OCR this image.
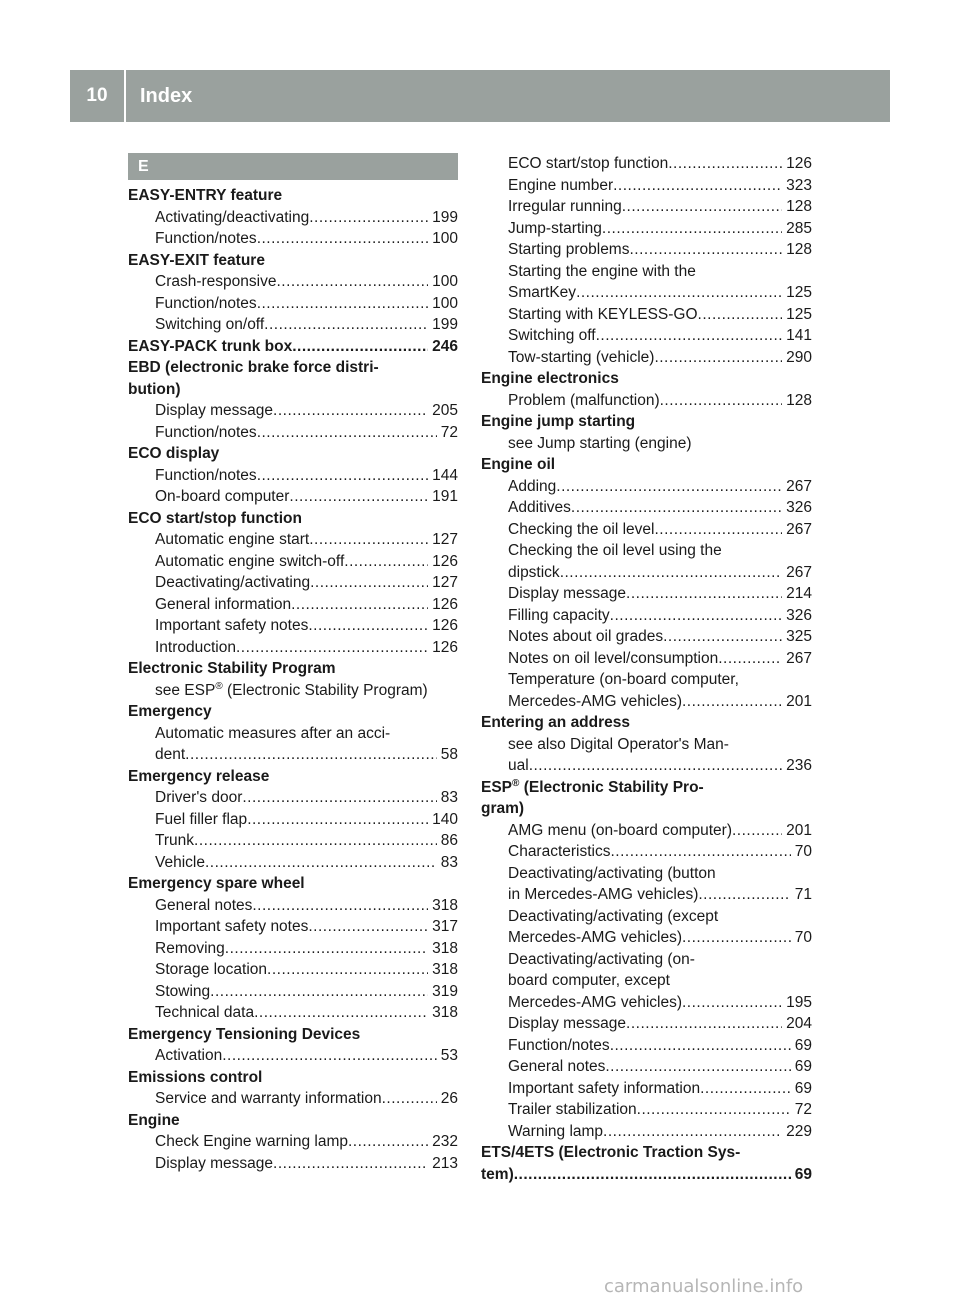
10	Index
E
EASY-ENTRY feature
Activating/deactivating .....	199
Function/notes .....	100
EASY-EXIT feature
Crash-responsive .....	100
Function/notes .....	100
Switching on/off .....	199
EASY-PACK trunk box .....	246
EBD (electronic brake force distri-
bution)
Display message .....	205
Function/notes .....	72
ECO display
Function/notes .....	144
On-board computer .....	191
ECO start/stop function
Automatic engine start .....	127
Automatic engine switch-off .....	126
Deactivating/activating .....	127
General information .....	126
Important safety notes .....	126
Introduction .....	126
Electronic Stability Program
see ESP® (Electronic Stability Program)
Emergency
Automatic measures after an acci-
dent .....	58
Emergency release
Driver's door .....	83
Fuel filler flap .....	140
Trunk .....	86
Vehicle .....	83
Emergency spare wheel
General notes .....	318
Important safety notes .....	317
Removing .....	318
Storage location .....	318
Stowing .....	319
Technical data .....	318
Emergency Tensioning Devices
Activation .....	53
Emissions control
Service and warranty information .....	26
Engine
Check Engine warning lamp .....	232
Display message .....	213
ECO start/stop function .....	126
Engine number .....	323
Irregular running .....	128
Jump-starting .....	285
Starting problems .....	128
Starting the engine with the
SmartKey .....	125
Starting with KEYLESS-GO .....	125
Switching off .....	141
Tow-starting (vehicle) .....	290
Engine electronics
Problem (malfunction) .....	128
Engine jump starting
see Jump starting (engine)
Engine oil
Adding .....	267
Additives .....	326
Checking the oil level .....	267
Checking the oil level using the
dipstick .....	267
Display message .....	214
Filling capacity .....	326
Notes about oil grades .....	325
Notes on oil level/consumption .....	267
Temperature (on-board computer,
Mercedes-AMG vehicles) .....	201
Entering an address
see also Digital Operator's Man-
ual .....	236
ESP® (Electronic Stability Pro-
gram)
AMG menu (on-board computer) .....	201
Characteristics .....	70
Deactivating/activating (button
in Mercedes-AMG vehicles) .....	71
Deactivating/activating (except
Mercedes-AMG vehicles) .....	70
Deactivating/activating (on-
board computer, except
Mercedes-AMG vehicles) .....	195
Display message .....	204
Function/notes .....	69
General notes .....	69
Important safety information .....	69
Trailer stabilization .....	72
Warning lamp .....	229
ETS/4ETS (Electronic Traction Sys-
tem) .....	69
carmanualsonline.info
